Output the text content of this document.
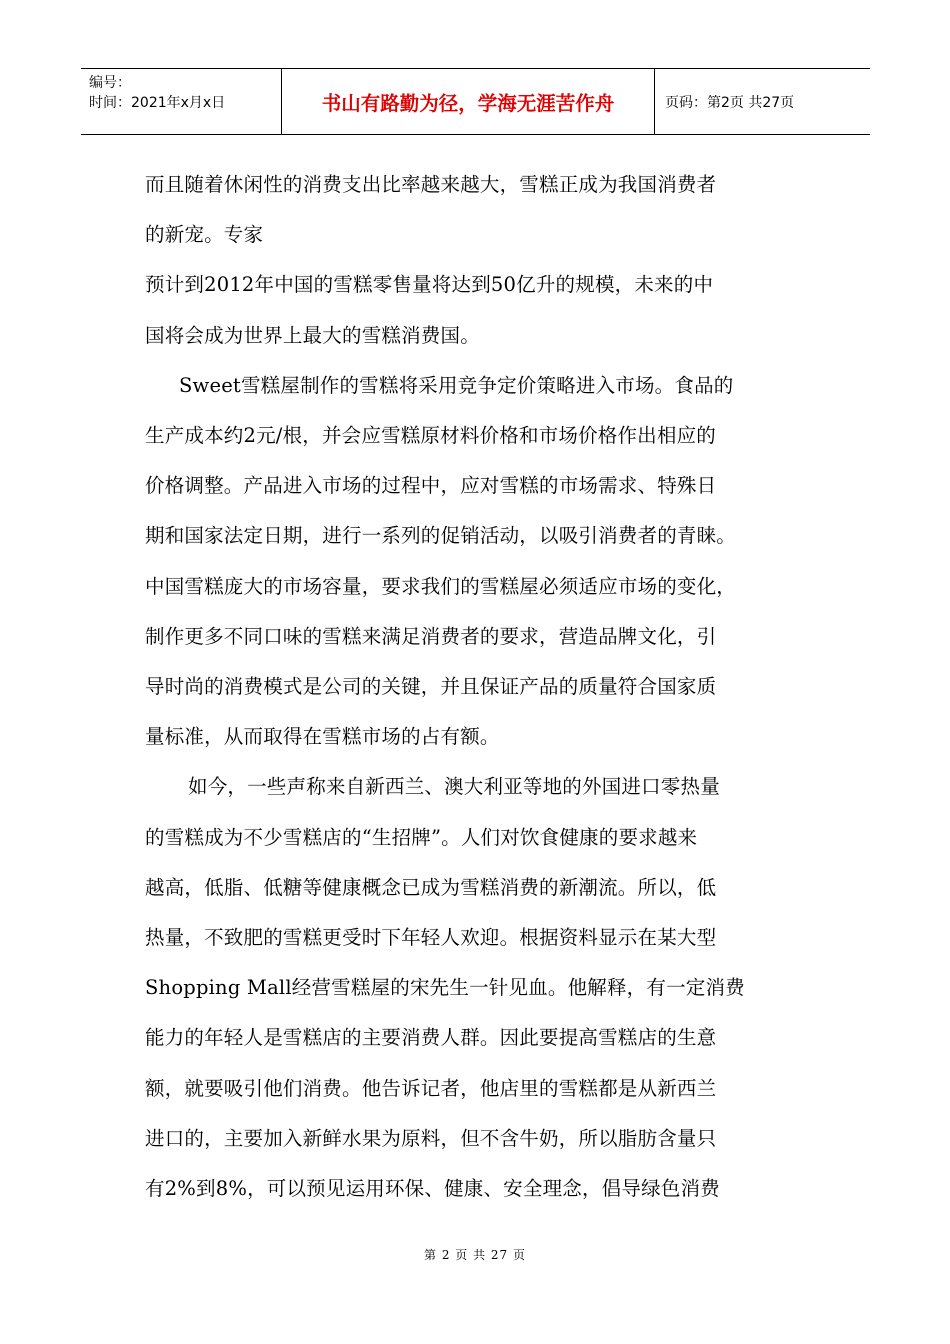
编号：
时间：2021年x月x日	书山有路勤为径，学海无涯苦作舟	页码：第2页 共27页

而且随着休闲性的消费支出比率越来越大，雪糕正成为我国消费者

的新宠。专家

预计到2012年中国的雪糕零售量将达到50亿升的规模，未来的中

国将会成为世界上最大的雪糕消费国。

Sweet雪糕屋制作的雪糕将采用竞争定价策略进入市场。食品的

生产成本约2元/根，并会应雪糕原材料价格和市场价格作出相应的

价格调整。产品进入市场的过程中，应对雪糕的市场需求、特殊日

期和国家法定日期，进行一系列的促销活动，以吸引消费者的青睐。

中国雪糕庞大的市场容量，要求我们的雪糕屋必须适应市场的变化，

制作更多不同口味的雪糕来满足消费者的要求，营造品牌文化，引

导时尚的消费模式是公司的关键，并且保证产品的质量符合国家质

量标准，从而取得在雪糕市场的占有额。

如今，一些声称来自新西兰、澳大利亚等地的外国进口零热量

的雪糕成为不少雪糕店的“生招牌”。人们对饮食健康的要求越来

越高，低脂、低糖等健康概念已成为雪糕消费的新潮流。所以，低

热量，不致肥的雪糕更受时下年轻人欢迎。根据资料显示在某大型

Shopping Mall经营雪糕屋的宋先生一针见血。他解释，有一定消费

能力的年轻人是雪糕店的主要消费人群。因此要提高雪糕店的生意

额，就要吸引他们消费。他告诉记者，他店里的雪糕都是从新西兰

进口的，主要加入新鲜水果为原料，但不含牛奶，所以脂肪含量只

有2%到8%，可以预见运用环保、健康、安全理念，倡导绿色消费

第 2 页 共 27 页
